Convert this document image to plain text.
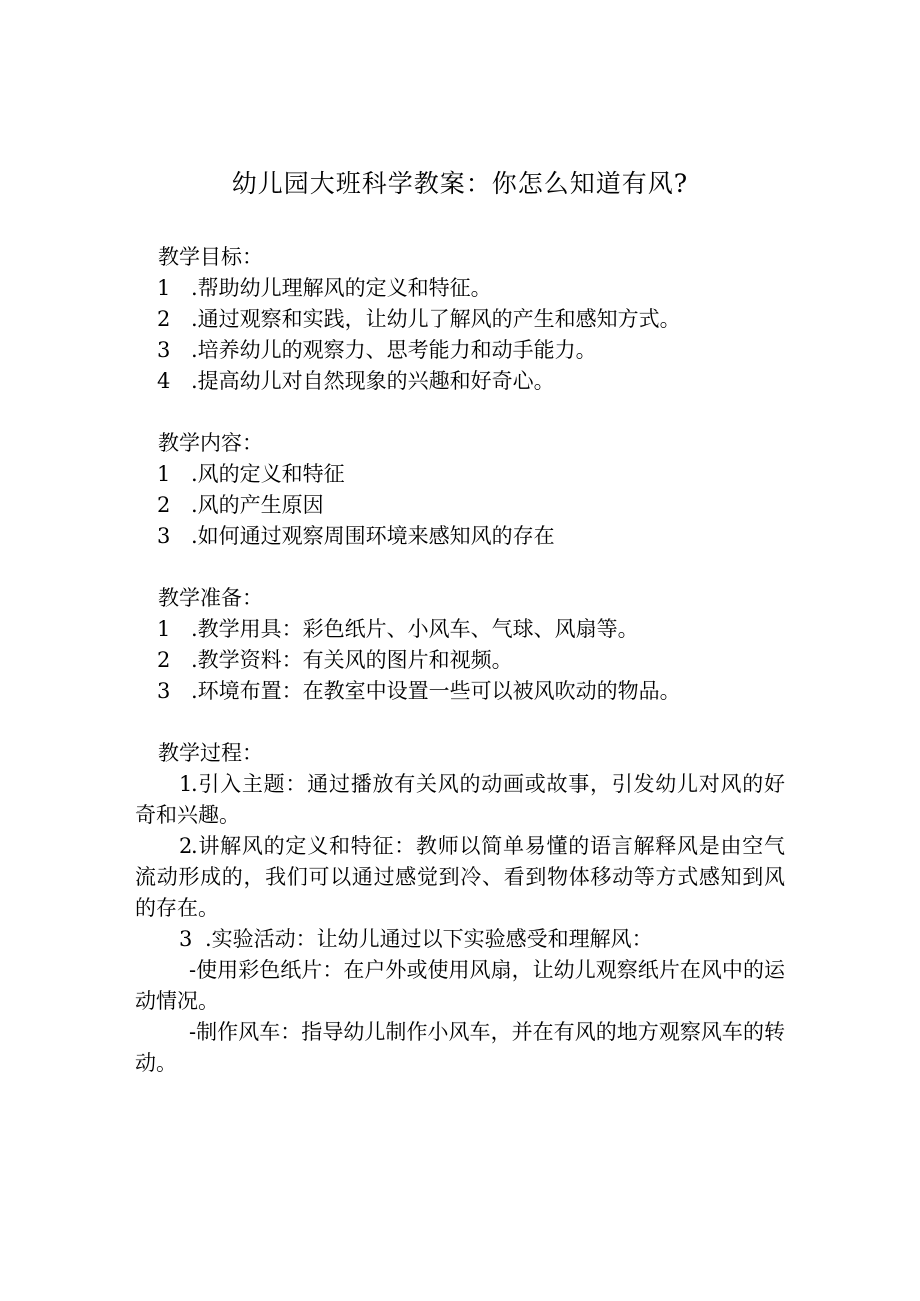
幼儿园大班科学教案：你怎么知道有风?
教学目标：
1 .帮助幼儿理解风的定义和特征。
2 .通过观察和实践，让幼儿了解风的产生和感知方式。
3 .培养幼儿的观察力、思考能力和动手能力。
4 .提高幼儿对自然现象的兴趣和好奇心。
教学内容：
1 .风的定义和特征
2 .风的产生原因
3 .如何通过观察周围环境来感知风的存在
教学准备：
1 .教学用具：彩色纸片、小风车、气球、风扇等。
2 .教学资料：有关风的图片和视频。
3 .环境布置：在教室中设置一些可以被风吹动的物品。
教学过程：
1.引入主题：通过播放有关风的动画或故事，引发幼儿对风的好奇和兴趣。
2.讲解风的定义和特征：教师以简单易懂的语言解释风是由空气流动形成的，我们可以通过感觉到冷、看到物体移动等方式感知到风的存在。
3 .实验活动：让幼儿通过以下实验感受和理解风：
-使用彩色纸片：在户外或使用风扇，让幼儿观察纸片在风中的运动情况。
-制作风车：指导幼儿制作小风车，并在有风的地方观察风车的转动。
